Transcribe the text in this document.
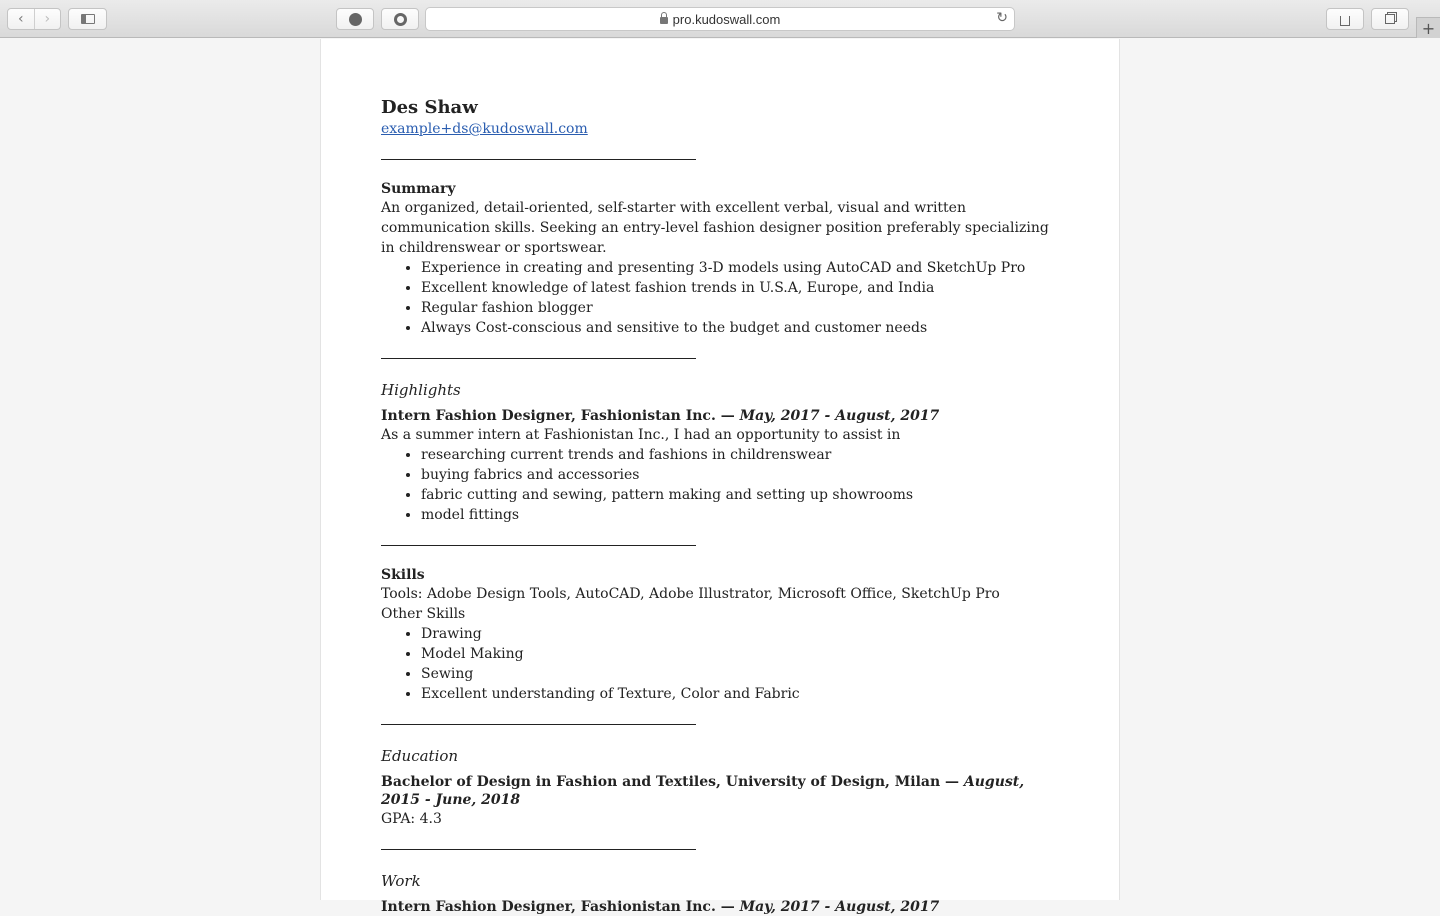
‹ ›	pro.kudoswall.com	↻
+
Des Shaw
example+ds@kudoswall.com
Summary
An organized, detail-oriented, self-starter with excellent verbal, visual and written communication skills. Seeking an entry-level fashion designer position preferably specializing in childrenswear or sportswear.
• Experience in creating and presenting 3-D models using AutoCAD and SketchUp Pro
• Excellent knowledge of latest fashion trends in U.S.A, Europe, and India
• Regular fashion blogger
• Always Cost-conscious and sensitive to the budget and customer needs
Highlights
Intern Fashion Designer, Fashionistan Inc. — May, 2017 - August, 2017
As a summer intern at Fashionistan Inc., I had an opportunity to assist in
• researching current trends and fashions in childrenswear
• buying fabrics and accessories
• fabric cutting and sewing, pattern making and setting up showrooms
• model fittings
Skills
Tools: Adobe Design Tools, AutoCAD, Adobe Illustrator, Microsoft Office, SketchUp Pro
Other Skills
• Drawing
• Model Making
• Sewing
• Excellent understanding of Texture, Color and Fabric
Education
Bachelor of Design in Fashion and Textiles, University of Design, Milan — August, 2015 - June, 2018
GPA: 4.3
Work
Intern Fashion Designer, Fashionistan Inc. — May, 2017 - August, 2017
